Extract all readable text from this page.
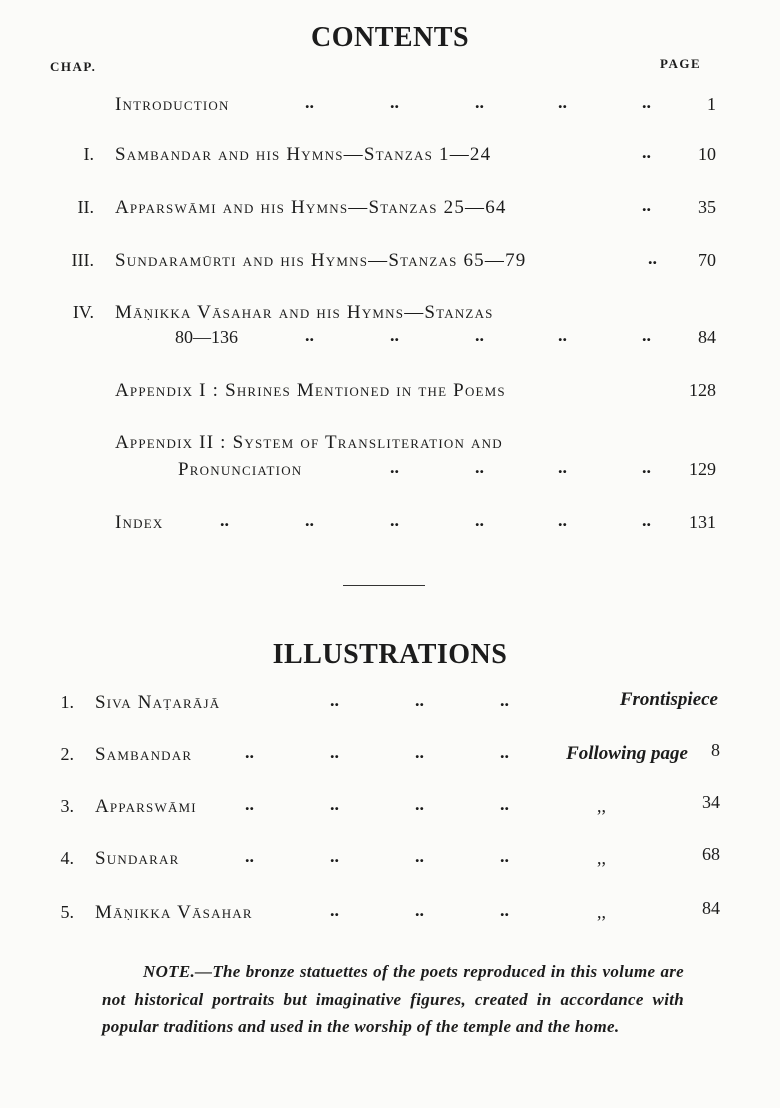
CONTENTS
CHAP.	PAGE
Introduction	..	..	..	..	..	1
I. Sambandar and his Hymns—Stanzas 1—24	..	10
II. Apparswāmi and his Hymns—Stanzas 25—64	..	35
III. Sundaramūrti and his Hymns—Stanzas 65—79	..	70
IV. Māṇikka Vāsahar and his Hymns—Stanzas
80—136	..	..	..	..	..	84
Appendix I : Shrines Mentioned in the Poems	128
Appendix II : System of Transliteration and
Pronunciation	..	..	..	..	129
Index	..	..	..	..	..	..	131
ILLUSTRATIONS
1. Siva Naṭarājā	..	..	..	Frontispiece
2. Sambandar	..	..	..	..	Following page	8
3. Apparswāmi	..	..	..	..	,,	34
4. Sundarar	..	..	..	..	,,	68
5. Māṇikka Vāsahar	..	..	..	,,	84
NOTE.—The bronze statuettes of the poets reproduced in this volume are not historical portraits but imaginative figures, created in accordance with popular traditions and used in the worship of the temple and the home.
